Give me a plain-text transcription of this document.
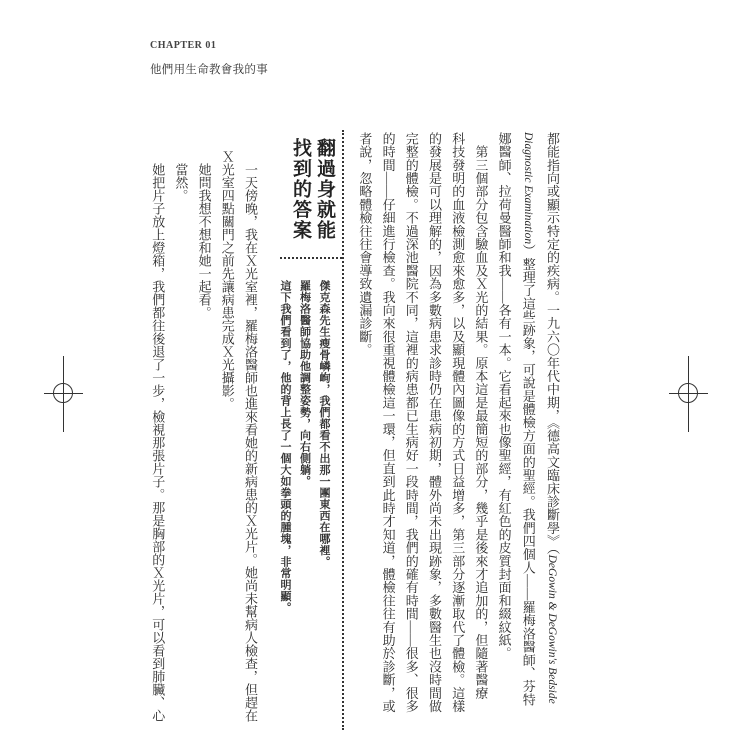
CHAPTER 01
他們用生命教會我的事
都能指向或顯示特定的疾病。一九六〇年代中期，《德高文臨床診斷學》（DeGowin & DeGowin's Bedside
Diagnostic Examination）整理了這些跡象，可說是體檢方面的聖經。我們四個人——羅梅洛醫師、芬特
娜醫師、拉荷曼醫師和我——各有一本。它看起來也像聖經，有紅色的皮質封面和綴紋紙。
　第三個部分包含驗血及Ｘ光的結果。原本這是最簡短的部分，幾乎是後來才追加的，但隨著醫療
科技發明的血液檢測愈來愈多，以及顯現體內圖像的方式日益增多，第三部分逐漸取代了體檢。這樣
的發展是可以理解的，因為多數病患求診時仍在患病初期，體外尚未出現跡象，多數醫生也沒時間做
完整的體檢。不過深池醫院不同，這裡的病患都已生病好一段時間，我們的確有時間——很多、很多
的時間——仔細進行檢查。我向來很重視體檢這一環，但直到此時才知道，體檢往往有助於診斷，或
者說，忽略體檢往往會導致遺漏診斷。
翻過身就能
找到的答案
傑克森先生瘦骨嶙峋，我們都看不出那一團東西在哪裡。
羅梅洛醫師協助他調整姿勢，向右側躺。
這下我們看到了，他的背上長了一個大如拳頭的腫塊，非常明顯。
　一天傍晚，我在Ｘ光室裡，羅梅洛醫師也進來看她的新病患的Ｘ光片。她尚未幫病人檢查，但趕在
Ｘ光室四點關門之前先讓病患完成Ｘ光攝影。
　她問我想不想和她一起看。
　當然。
　她把片子放上燈箱，我們都往後退了一步，檢視那張片子。那是胸部的Ｘ光片，可以看到肺臟、心
